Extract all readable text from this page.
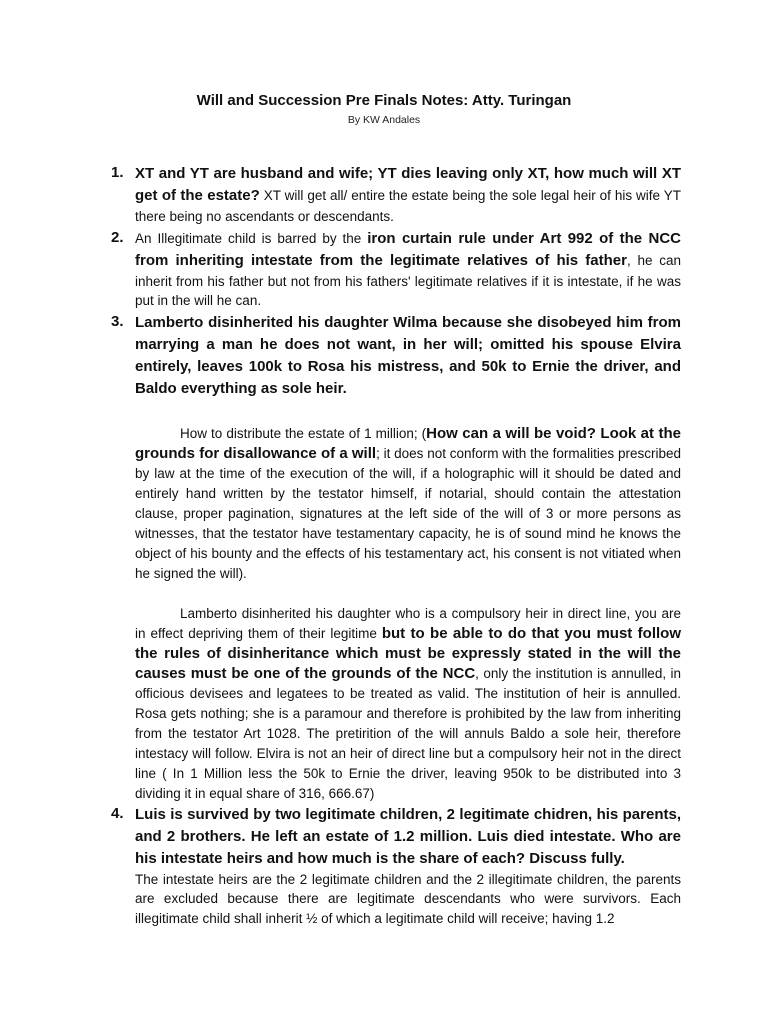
Will and Succession Pre Finals Notes: Atty. Turingan
By KW Andales
1. XT and YT are husband and wife; YT dies leaving only XT, how much will XT get of the estate? XT will get all/ entire the estate being the sole legal heir of his wife YT there being no ascendants or descendants.
2. An Illegitimate child is barred by the iron curtain rule under Art 992 of the NCC from inheriting intestate from the legitimate relatives of his father, he can inherit from his father but not from his fathers' legitimate relatives if it is intestate, if he was put in the will he can.
3. Lamberto disinherited his daughter Wilma because she disobeyed him from marrying a man he does not want, in her will; omitted his spouse Elvira entirely, leaves 100k to Rosa his mistress, and 50k to Ernie the driver, and Baldo everything as sole heir.

How to distribute the estate of 1 million; (How can a will be void? Look at the grounds for disallowance of a will; it does not conform with the formalities prescribed by law at the time of the execution of the will, if a holographic will it should be dated and entirely hand written by the testator himself, if notarial, should contain the attestation clause, proper pagination, signatures at the left side of the will of 3 or more persons as witnesses, that the testator have testamentary capacity, he is of sound mind he knows the object of his bounty and the effects of his testamentary act, his consent is not vitiated when he signed the will).

Lamberto disinherited his daughter who is a compulsory heir in direct line, you are in effect depriving them of their legitime but to be able to do that you must follow the rules of disinheritance which must be expressly stated in the will the causes must be one of the grounds of the NCC, only the institution is annulled, in officious devisees and legatees to be treated as valid. The institution of heir is annulled. Rosa gets nothing; she is a paramour and therefore is prohibited by the law from inheriting from the testator Art 1028. The pretirition of the will annuls Baldo a sole heir, therefore intestacy will follow. Elvira is not an heir of direct line but a compulsory heir not in the direct line ( In 1 Million less the 50k to Ernie the driver, leaving 950k to be distributed into 3 dividing it in equal share of 316, 666.67)

4. Luis is survived by two legitimate children, 2 legitimate chidren, his parents, and 2 brothers. He left an estate of 1.2 million. Luis died intestate. Who are his intestate heirs and how much is the share of each? Discuss fully.
The intestate heirs are the 2 legitimate children and the 2 illegitimate children, the parents are excluded because there are legitimate descendants who were survivors. Each illegitimate child shall inherit ½ of which a legitimate child will receive; having 1.2
